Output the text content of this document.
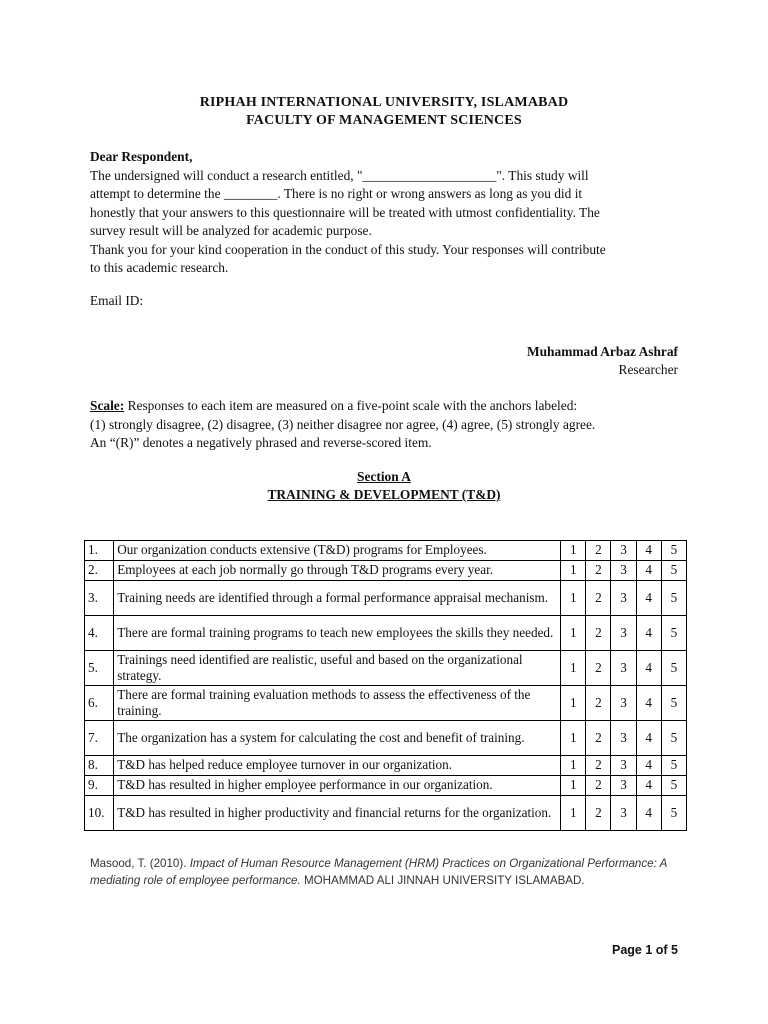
RIPHAH INTERNATIONAL UNIVERSITY, ISLAMABAD
FACULTY OF MANAGEMENT SCIENCES
Dear Respondent,
The undersigned will conduct a research entitled, "____________________". This study will
attempt to determine the ________. There is no right or wrong answers as long as you did it
honestly that your answers to this questionnaire will be treated with utmost confidentiality. The
survey result will be analyzed for academic purpose.
Thank you for your kind cooperation in the conduct of this study. Your responses will contribute
to this academic research.
Email ID:
Muhammad Arbaz Ashraf
Researcher
Scale: Responses to each item are measured on a five-point scale with the anchors labeled:
(1) strongly disagree, (2) disagree, (3) neither disagree nor agree, (4) agree, (5) strongly agree.
An “(R)” denotes a negatively phrased and reverse-scored item.
Section A
TRAINING & DEVELOPMENT (T&D)
1.	Our organization conducts extensive (T&D) programs for Employees.	1	2	3	4	5
2.	Employees at each job normally go through T&D programs every year.	1	2	3	4	5
3.	Training needs are identified through a formal performance appraisal mechanism.	1	2	3	4	5
4.	There are formal training programs to teach new employees the skills they needed.	1	2	3	4	5
5.	Trainings need identified are realistic, useful and based on the organizational strategy.	1	2	3	4	5
6.	There are formal training evaluation methods to assess the effectiveness of the training.	1	2	3	4	5
7.	The organization has a system for calculating the cost and benefit of training.	1	2	3	4	5
8.	T&D has helped reduce employee turnover in our organization.	1	2	3	4	5
9.	T&D has resulted in higher employee performance in our organization.	1	2	3	4	5
10.	T&D has resulted in higher productivity and financial returns for the organization.	1	2	3	4	5
Masood, T. (2010). Impact of Human Resource Management (HRM) Practices on Organizational Performance: A mediating role of employee performance. MOHAMMAD ALI JINNAH UNIVERSITY ISLAMABAD.
Page 1 of 5
